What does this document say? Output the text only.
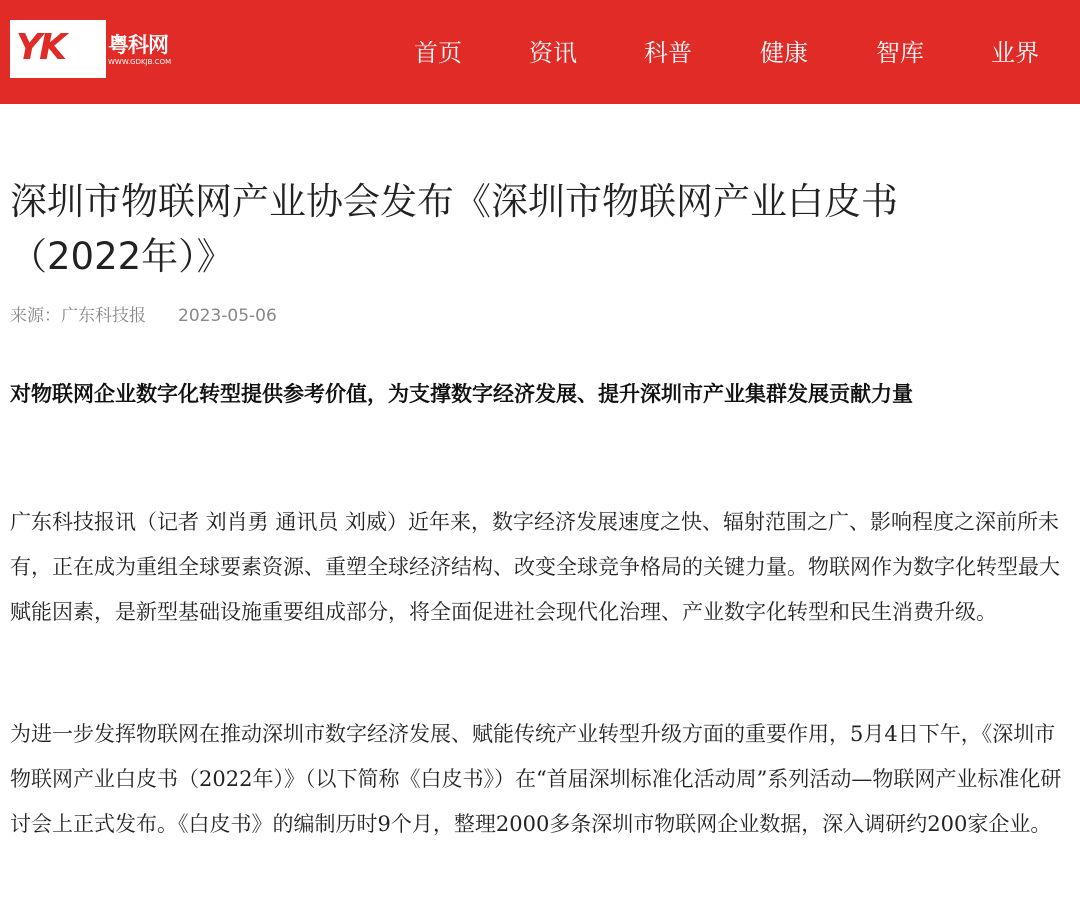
YK 粤科网
WWW.GDKJB.COM	首页	资讯	科普	健康	智库	业界
深圳市物联网产业协会发布《深圳市物联网产业白皮书（2022年）》
来源：广东科技报 2023-05-06

对物联网企业数字化转型提供参考价值，为支撑数字经济发展、提升深圳市产业集群发展贡献力量

广东科技报讯（记者 刘肖勇 通讯员 刘威）近年来，数字经济发展速度之快、辐射范围之广、影响程度之深前所未有，正在成为重组全球要素资源、重塑全球经济结构、改变全球竞争格局的关键力量。物联网作为数字化转型最大赋能因素，是新型基础设施重要组成部分，将全面促进社会现代化治理、产业数字化转型和民生消费升级。

为进一步发挥物联网在推动深圳市数字经济发展、赋能传统产业转型升级方面的重要作用，5月4日下午，《深圳市物联网产业白皮书（2022年）》（以下简称《白皮书》）在“首届深圳标准化活动周”系列活动—物联网产业标准化研讨会上正式发布。《白皮书》的编制历时9个月，整理2000多条深圳市物联网企业数据，深入调研约200家企业。
